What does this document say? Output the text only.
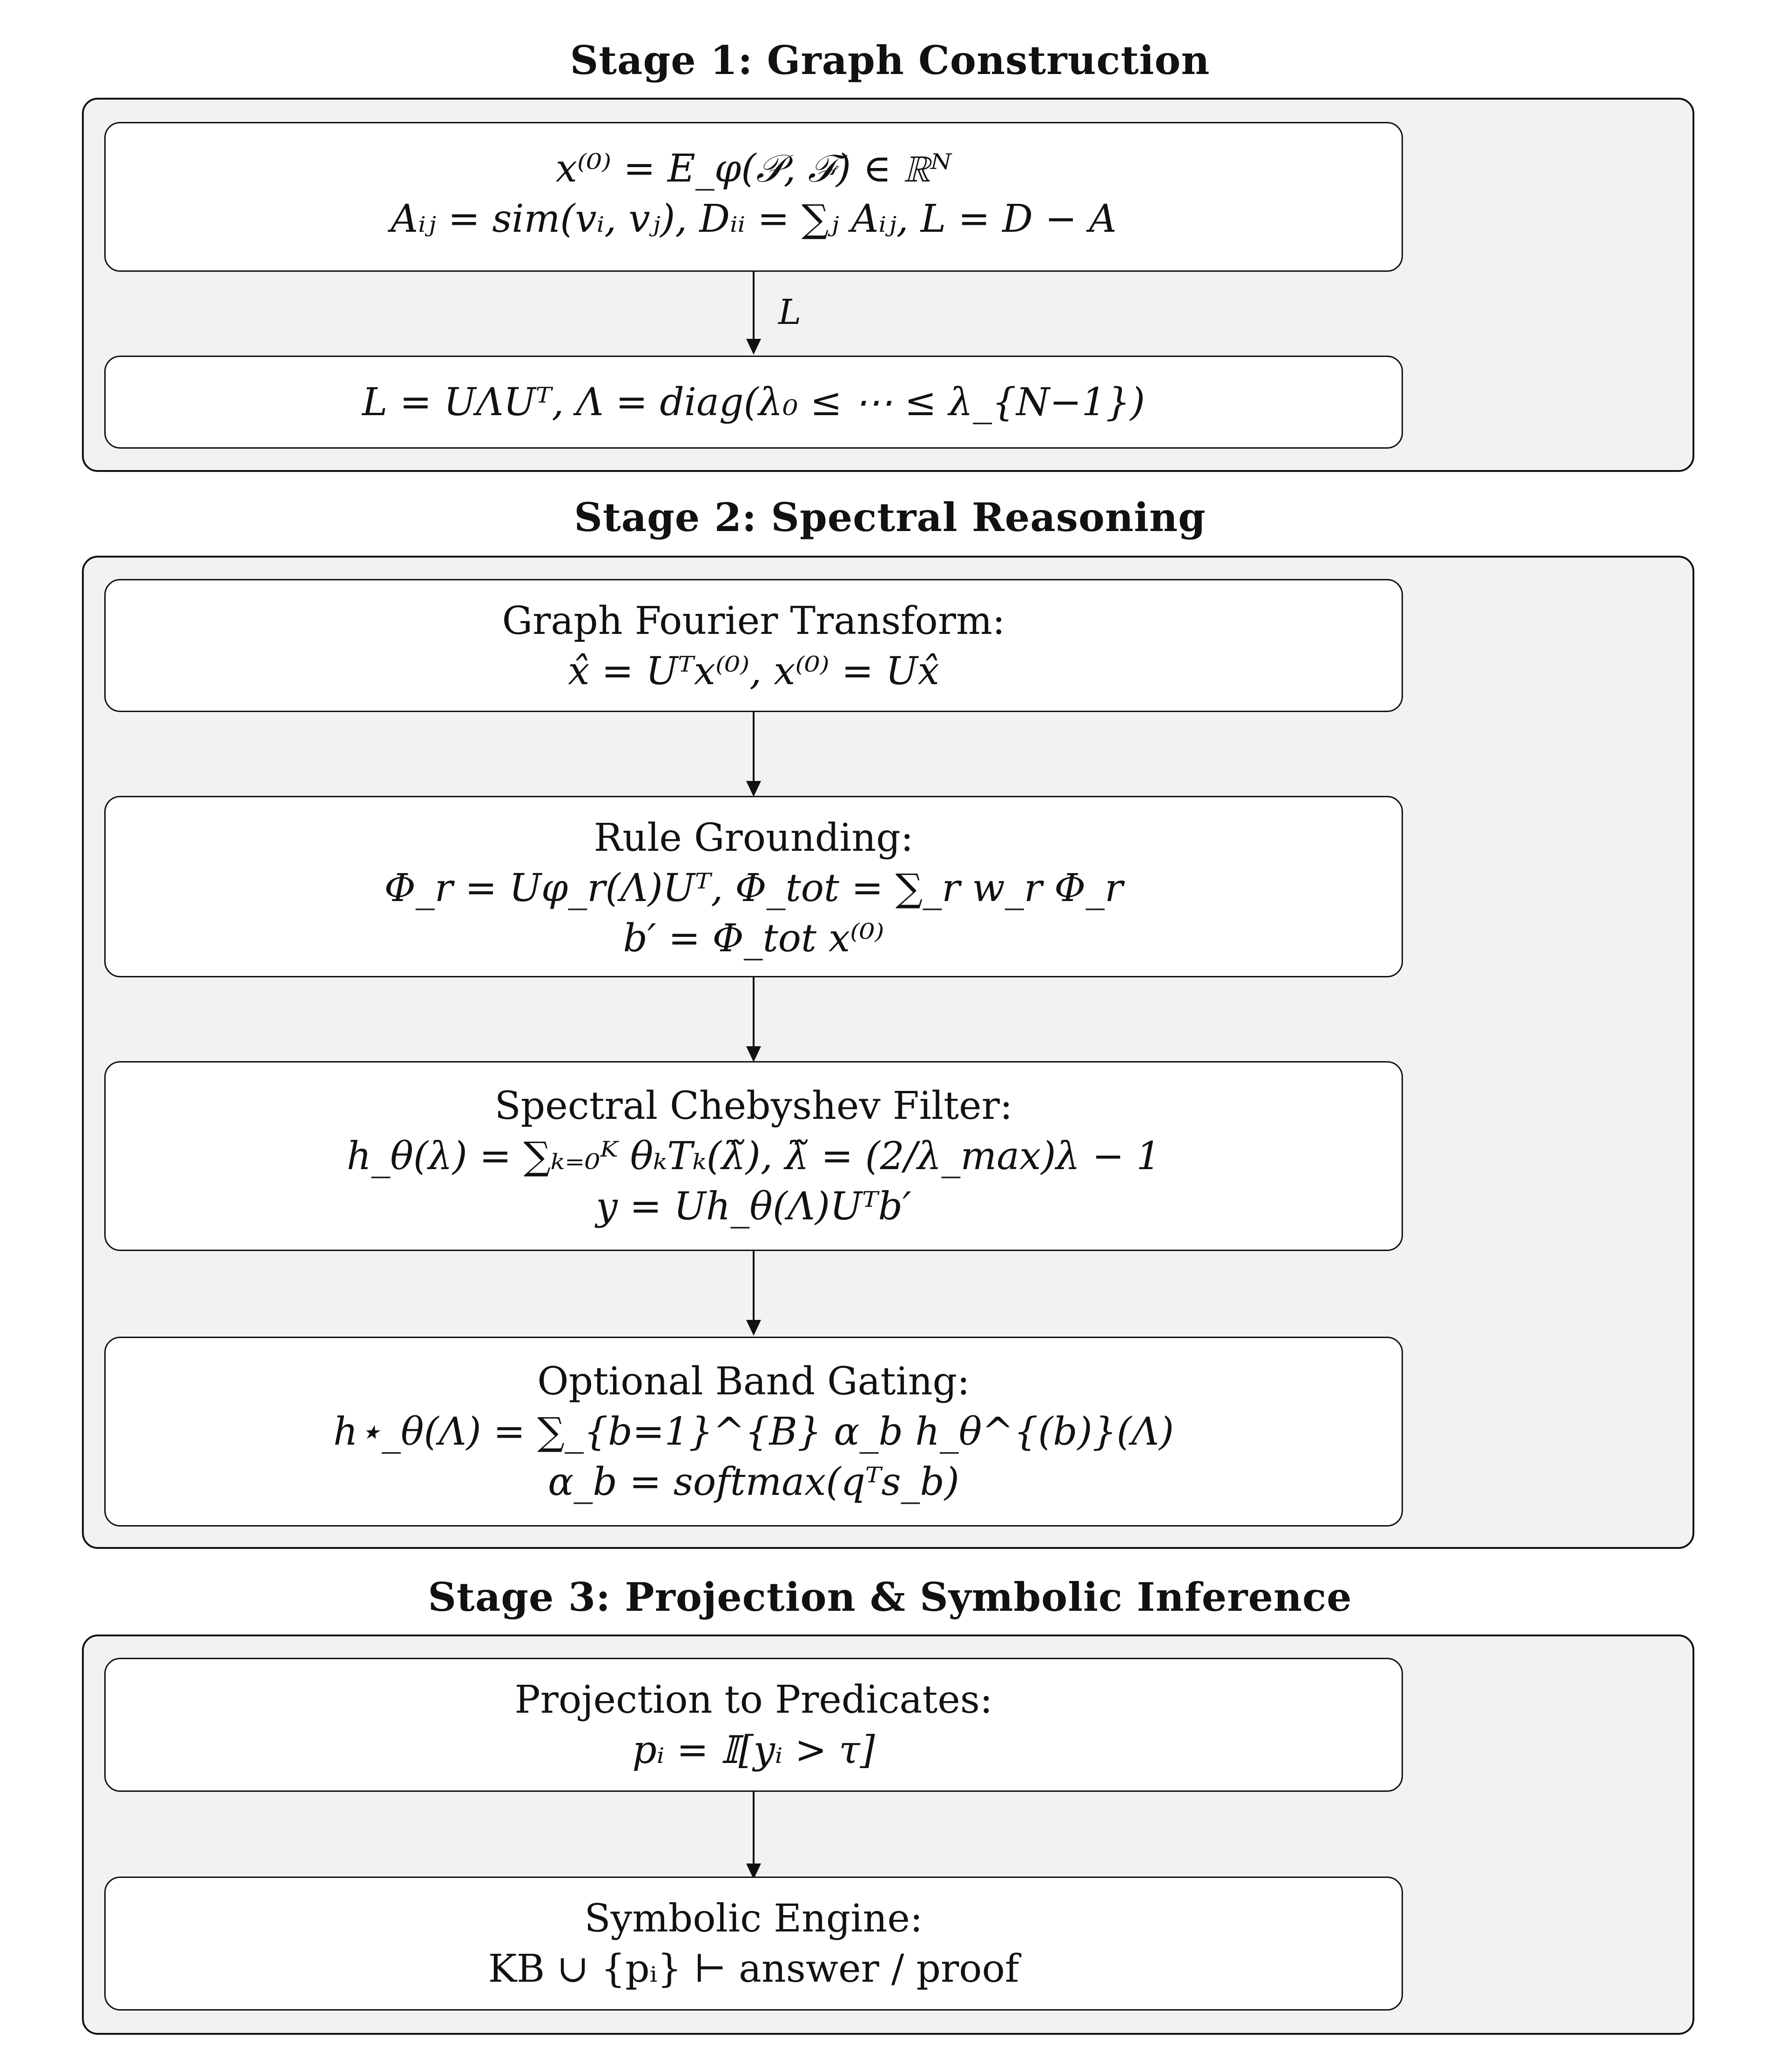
Stage 1: Graph Construction
x⁽⁰⁾ = E_φ(𝒫, ℱ) ∈ ℝᴺ
Aᵢⱼ = sim(vᵢ, vⱼ), Dᵢᵢ = ∑ⱼ Aᵢⱼ, L = D − A
L
L = UΛUᵀ, Λ = diag(λ₀ ≤ ⋯ ≤ λ_{N−1})
Stage 2: Spectral Reasoning
Graph Fourier Transform:
x̂ = Uᵀx⁽⁰⁾, x⁽⁰⁾ = Ux̂
Rule Grounding:
Φ_r = Uφ_r(Λ)Uᵀ, Φ_tot = ∑_r w_r Φ_r
b′ = Φ_tot x⁽⁰⁾
Spectral Chebyshev Filter:
h_θ(λ) = ∑ₖ₌₀ᴷ θₖTₖ(λ̃), λ̃ = (2/λ_max)λ − 1
y = Uh_θ(Λ)Uᵀb′
Optional Band Gating:
h⋆_θ(Λ) = ∑_{b=1}^{B} α_b h_θ^{(b)}(Λ)
α_b = softmax(qᵀs_b)
Stage 3: Projection & Symbolic Inference
Projection to Predicates:
pᵢ = 𝕀[yᵢ > τ]
Symbolic Engine:
KB ∪ {pᵢ} ⊢ answer / proof
